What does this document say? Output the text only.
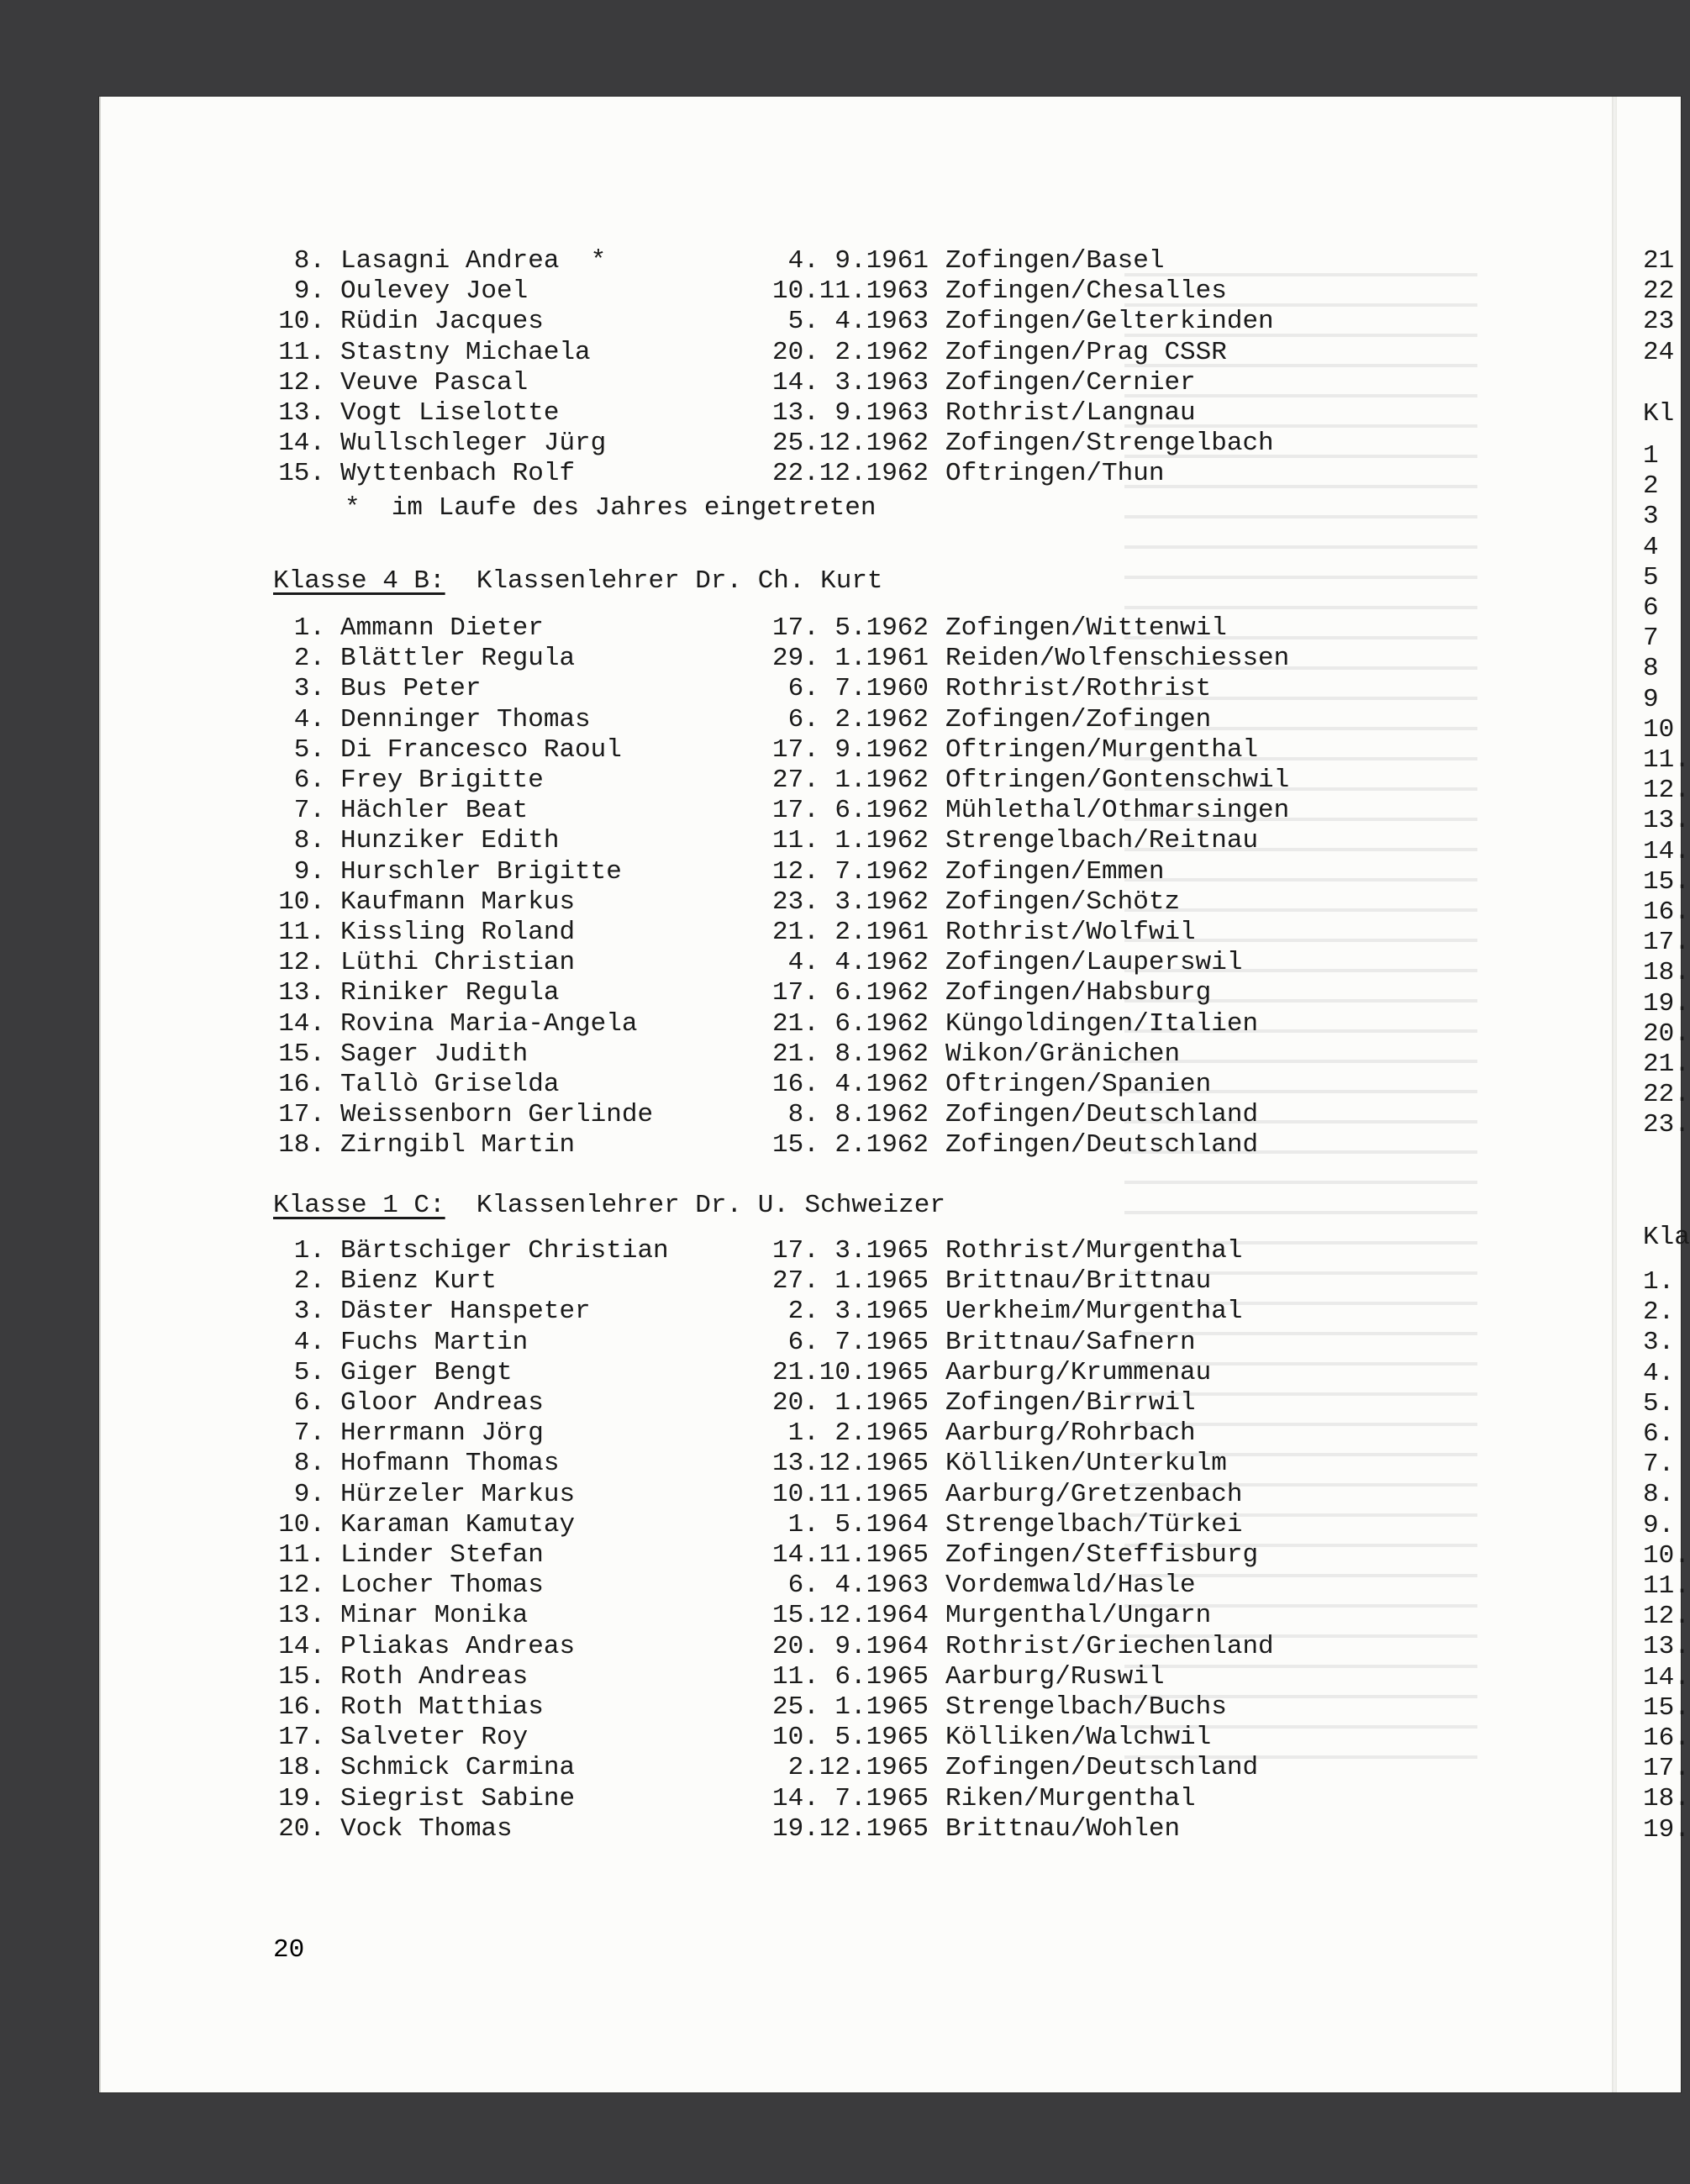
8. Lasagni Andrea  *	4. 9.1961 Zofingen/Basel
9. Oulevey Joel	10.11.1963 Zofingen/Chesalles
10. Rüdin Jacques	5. 4.1963 Zofingen/Gelterkinden
11. Stastny Michaela	20. 2.1962 Zofingen/Prag CSSR
12. Veuve Pascal	14. 3.1963 Zofingen/Cernier
13. Vogt Liselotte	13. 9.1963 Rothrist/Langnau
14. Wullschleger Jürg	25.12.1962 Zofingen/Strengelbach
15. Wyttenbach Rolf	22.12.1962 Oftringen/Thun
*  im Laufe des Jahres eingetreten
Klasse 4 B:  Klassenlehrer Dr. Ch. Kurt
1. Ammann Dieter	17. 5.1962 Zofingen/Wittenwil
2. Blättler Regula	29. 1.1961 Reiden/Wolfenschiessen
3. Bus Peter	6. 7.1960 Rothrist/Rothrist
4. Denninger Thomas	6. 2.1962 Zofingen/Zofingen
5. Di Francesco Raoul	17. 9.1962 Oftringen/Murgenthal
6. Frey Brigitte	27. 1.1962 Oftringen/Gontenschwil
7. Hächler Beat	17. 6.1962 Mühlethal/Othmarsingen
8. Hunziker Edith	11. 1.1962 Strengelbach/Reitnau
9. Hurschler Brigitte	12. 7.1962 Zofingen/Emmen
10. Kaufmann Markus	23. 3.1962 Zofingen/Schötz
11. Kissling Roland	21. 2.1961 Rothrist/Wolfwil
12. Lüthi Christian	4. 4.1962 Zofingen/Lauperswil
13. Riniker Regula	17. 6.1962 Zofingen/Habsburg
14. Rovina Maria-Angela	21. 6.1962 Küngoldingen/Italien
15. Sager Judith	21. 8.1962 Wikon/Gränichen
16. Tallò Griselda	16. 4.1962 Oftringen/Spanien
17. Weissenborn Gerlinde	8. 8.1962 Zofingen/Deutschland
18. Zirngibl Martin	15. 2.1962 Zofingen/Deutschland
Klasse 1 C:  Klassenlehrer Dr. U. Schweizer
1. Bärtschiger Christian	17. 3.1965 Rothrist/Murgenthal
2. Bienz Kurt	27. 1.1965 Brittnau/Brittnau
3. Däster Hanspeter	2. 3.1965 Uerkheim/Murgenthal
4. Fuchs Martin	6. 7.1965 Brittnau/Safnern
5. Giger Bengt	21.10.1965 Aarburg/Krummenau
6. Gloor Andreas	20. 1.1965 Zofingen/Birrwil
7. Herrmann Jörg	1. 2.1965 Aarburg/Rohrbach
8. Hofmann Thomas	13.12.1965 Kölliken/Unterkulm
9. Hürzeler Markus	10.11.1965 Aarburg/Gretzenbach
10. Karaman Kamutay	1. 5.1964 Strengelbach/Türkei
11. Linder Stefan	14.11.1965 Zofingen/Steffisburg
12. Locher Thomas	6. 4.1963 Vordemwald/Hasle
13. Minar Monika	15.12.1964 Murgenthal/Ungarn
14. Pliakas Andreas	20. 9.1964 Rothrist/Griechenland
15. Roth Andreas	11. 6.1965 Aarburg/Ruswil
16. Roth Matthias	25. 1.1965 Strengelbach/Buchs
17. Salveter Roy	10. 5.1965 Kölliken/Walchwil
18. Schmick Carmina	2.12.1965 Zofingen/Deutschland
19. Siegrist Sabine	14. 7.1965 Riken/Murgenthal
20. Vock Thomas	19.12.1965 Brittnau/Wohlen
20
21
22
23
24
Kl
1
2
3
4
5
6
7
8
9
10
11.
12.
13.
14.
15.
16.
17.
18.
19.
20.
21.
22.
23.
Kla
1.
2.
3.
4.
5.
6.
7.
8.
9.
10.
11.
12.
13.
14.
15.
16.
17.
18.
19.
